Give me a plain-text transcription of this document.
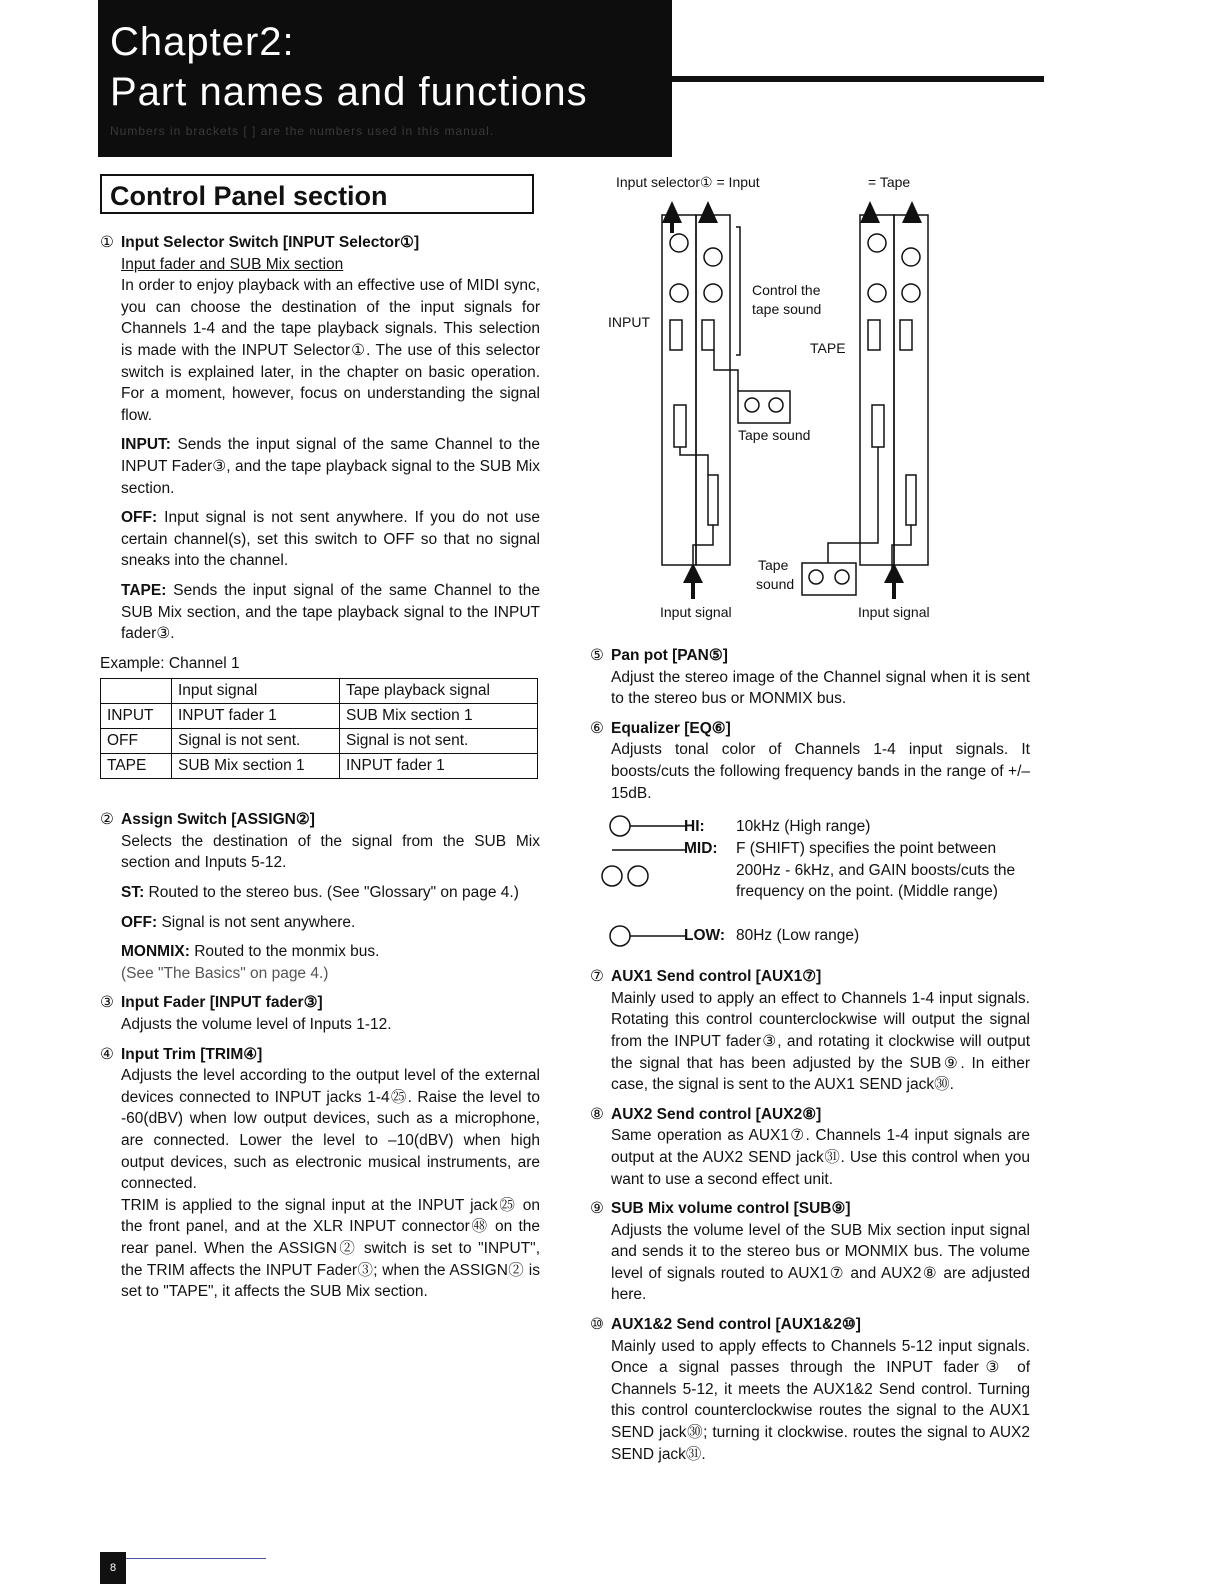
Chapter2:
Part names and functions
Numbers in brackets [ ] are the numbers used in this manual.
Control Panel section

① Input Selector Switch [INPUT Selector①]

Input fader and SUB Mix section

In order to enjoy playback with an effective use of MIDI sync, you can choose the destination of the input signals for Channels 1-4 and the tape playback signals. This selection is made with the INPUT Selector①. The use of this selector switch is explained later, in the chapter on basic operation. For a moment, however, focus on understanding the signal flow.

INPUT: Sends the input signal of the same Channel to the INPUT Fader③, and the tape playback signal to the SUB Mix section.

OFF: Input signal is not sent anywhere. If you do not use certain channel(s), set this switch to OFF so that no signal sneaks into the channel.

TAPE: Sends the input signal of the same Channel to the SUB Mix section, and the tape playback signal to the INPUT fader③.

Example: Channel 1

	Input signal	Tape playback signal
INPUT	INPUT fader 1	SUB Mix section 1
OFF	Signal is not sent.	Signal is not sent.
TAPE	SUB Mix section 1	INPUT fader 1

② Assign Switch [ASSIGN②]

Selects the destination of the signal from the SUB Mix section and Inputs 5-12.

ST: Routed to the stereo bus. (See "Glossary" on page 4.)

OFF: Signal is not sent anywhere.

MONMIX: Routed to the monmix bus.

(See "The Basics" on page 4.)

③ Input Fader [INPUT fader③]

Adjusts the volume level of Inputs 1-12.

④ Input Trim [TRIM④]

Adjusts the level according to the output level of the external devices connected to INPUT jacks 1-4㉕. Raise the level to -60(dBV) when low output devices, such as a microphone, are connected. Lower the level to –10(dBV) when high output devices, such as electronic musical instruments, are connected.

TRIM is applied to the signal input at the INPUT jack㉕ on the front panel, and at the XLR INPUT connector㊽ on the rear panel. When the ASSIGN② switch is set to "INPUT", the TRIM affects the INPUT Fader③; when the ASSIGN② is set to "TAPE", it affects the SUB Mix section.

Input selector① = Input	= Tape
INPUT
Control the
tape sound
TAPE
Tape sound
Tape
sound
Input signal	Input signal

⑤ Pan pot [PAN⑤]

Adjust the stereo image of the Channel signal when it is sent to the stereo bus or MONMIX bus.

⑥ Equalizer [EQ⑥]

Adjusts tonal color of Channels 1-4 input signals. It boosts/cuts the following frequency bands in the range of +/–15dB.

HI: 10kHz (High range)
MID: F (SHIFT) specifies the point between 200Hz - 6kHz, and GAIN boosts/cuts the frequency on the point. (Middle range)
LOW: 80Hz (Low range)

⑦ AUX1 Send control [AUX1⑦]

Mainly used to apply an effect to Channels 1-4 input signals. Rotating this control counterclockwise will output the signal from the INPUT fader③, and rotating it clockwise will output the signal that has been adjusted by the SUB⑨. In either case, the signal is sent to the AUX1 SEND jack㉚.

⑧ AUX2 Send control [AUX2⑧]

Same operation as AUX1⑦. Channels 1-4 input signals are output at the AUX2 SEND jack㉛. Use this control when you want to use a second effect unit.

⑨ SUB Mix volume control [SUB⑨]

Adjusts the volume level of the SUB Mix section input signal and sends it to the stereo bus or MONMIX bus. The volume level of signals routed to AUX1⑦ and AUX2⑧ are adjusted here.

⑩ AUX1&2 Send control [AUX1&2⑩]

Mainly used to apply effects to Channels 5-12 input signals. Once a signal passes through the INPUT fader③ of Channels 5-12, it meets the AUX1&2 Send control. Turning this control counterclockwise routes the signal to the AUX1 SEND jack㉚; turning it clockwise. routes the signal to AUX2 SEND jack㉛.

8
